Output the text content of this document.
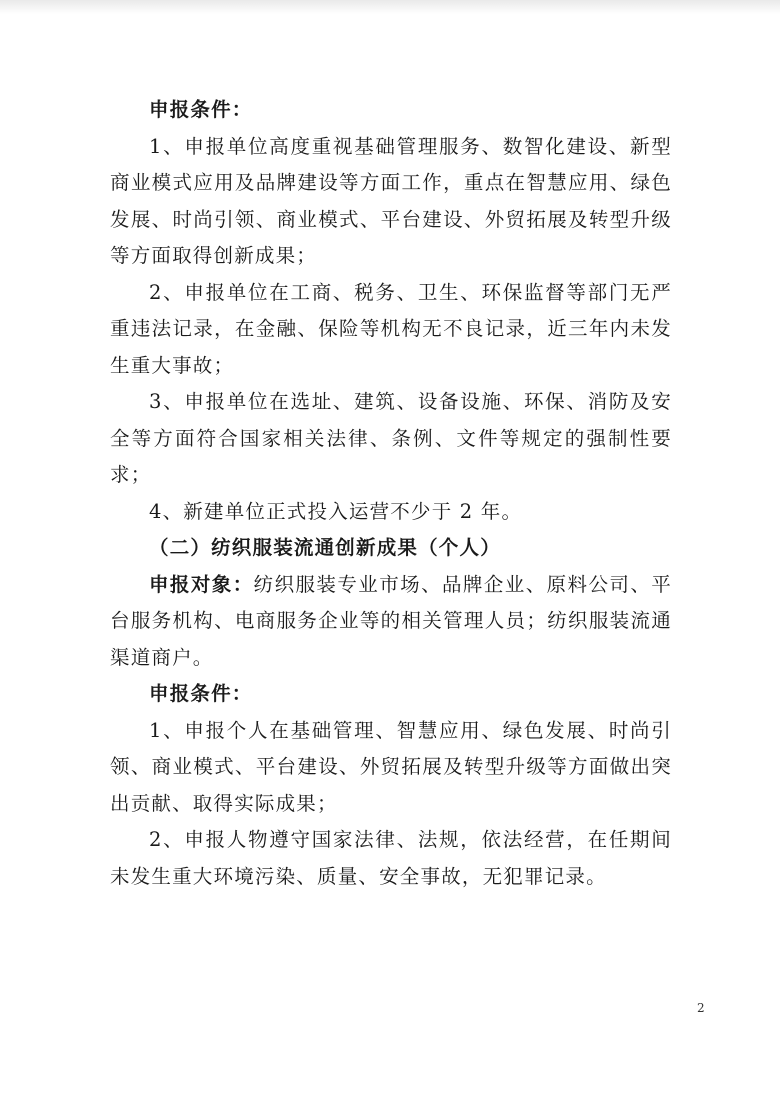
申报条件：

1、申报单位高度重视基础管理服务、数智化建设、新型商业模式应用及品牌建设等方面工作，重点在智慧应用、绿色发展、时尚引领、商业模式、平台建设、外贸拓展及转型升级等方面取得创新成果；

2、申报单位在工商、税务、卫生、环保监督等部门无严重违法记录，在金融、保险等机构无不良记录，近三年内未发生重大事故；

3、申报单位在选址、建筑、设备设施、环保、消防及安全等方面符合国家相关法律、条例、文件等规定的强制性要求；

4、新建单位正式投入运营不少于 2 年。

（二）纺织服装流通创新成果（个人）

申报对象：纺织服装专业市场、品牌企业、原料公司、平台服务机构、电商服务企业等的相关管理人员；纺织服装流通渠道商户。

申报条件：

1、申报个人在基础管理、智慧应用、绿色发展、时尚引领、商业模式、平台建设、外贸拓展及转型升级等方面做出突出贡献、取得实际成果；

2、申报人物遵守国家法律、法规，依法经营，在任期间未发生重大环境污染、质量、安全事故，无犯罪记录。

2
